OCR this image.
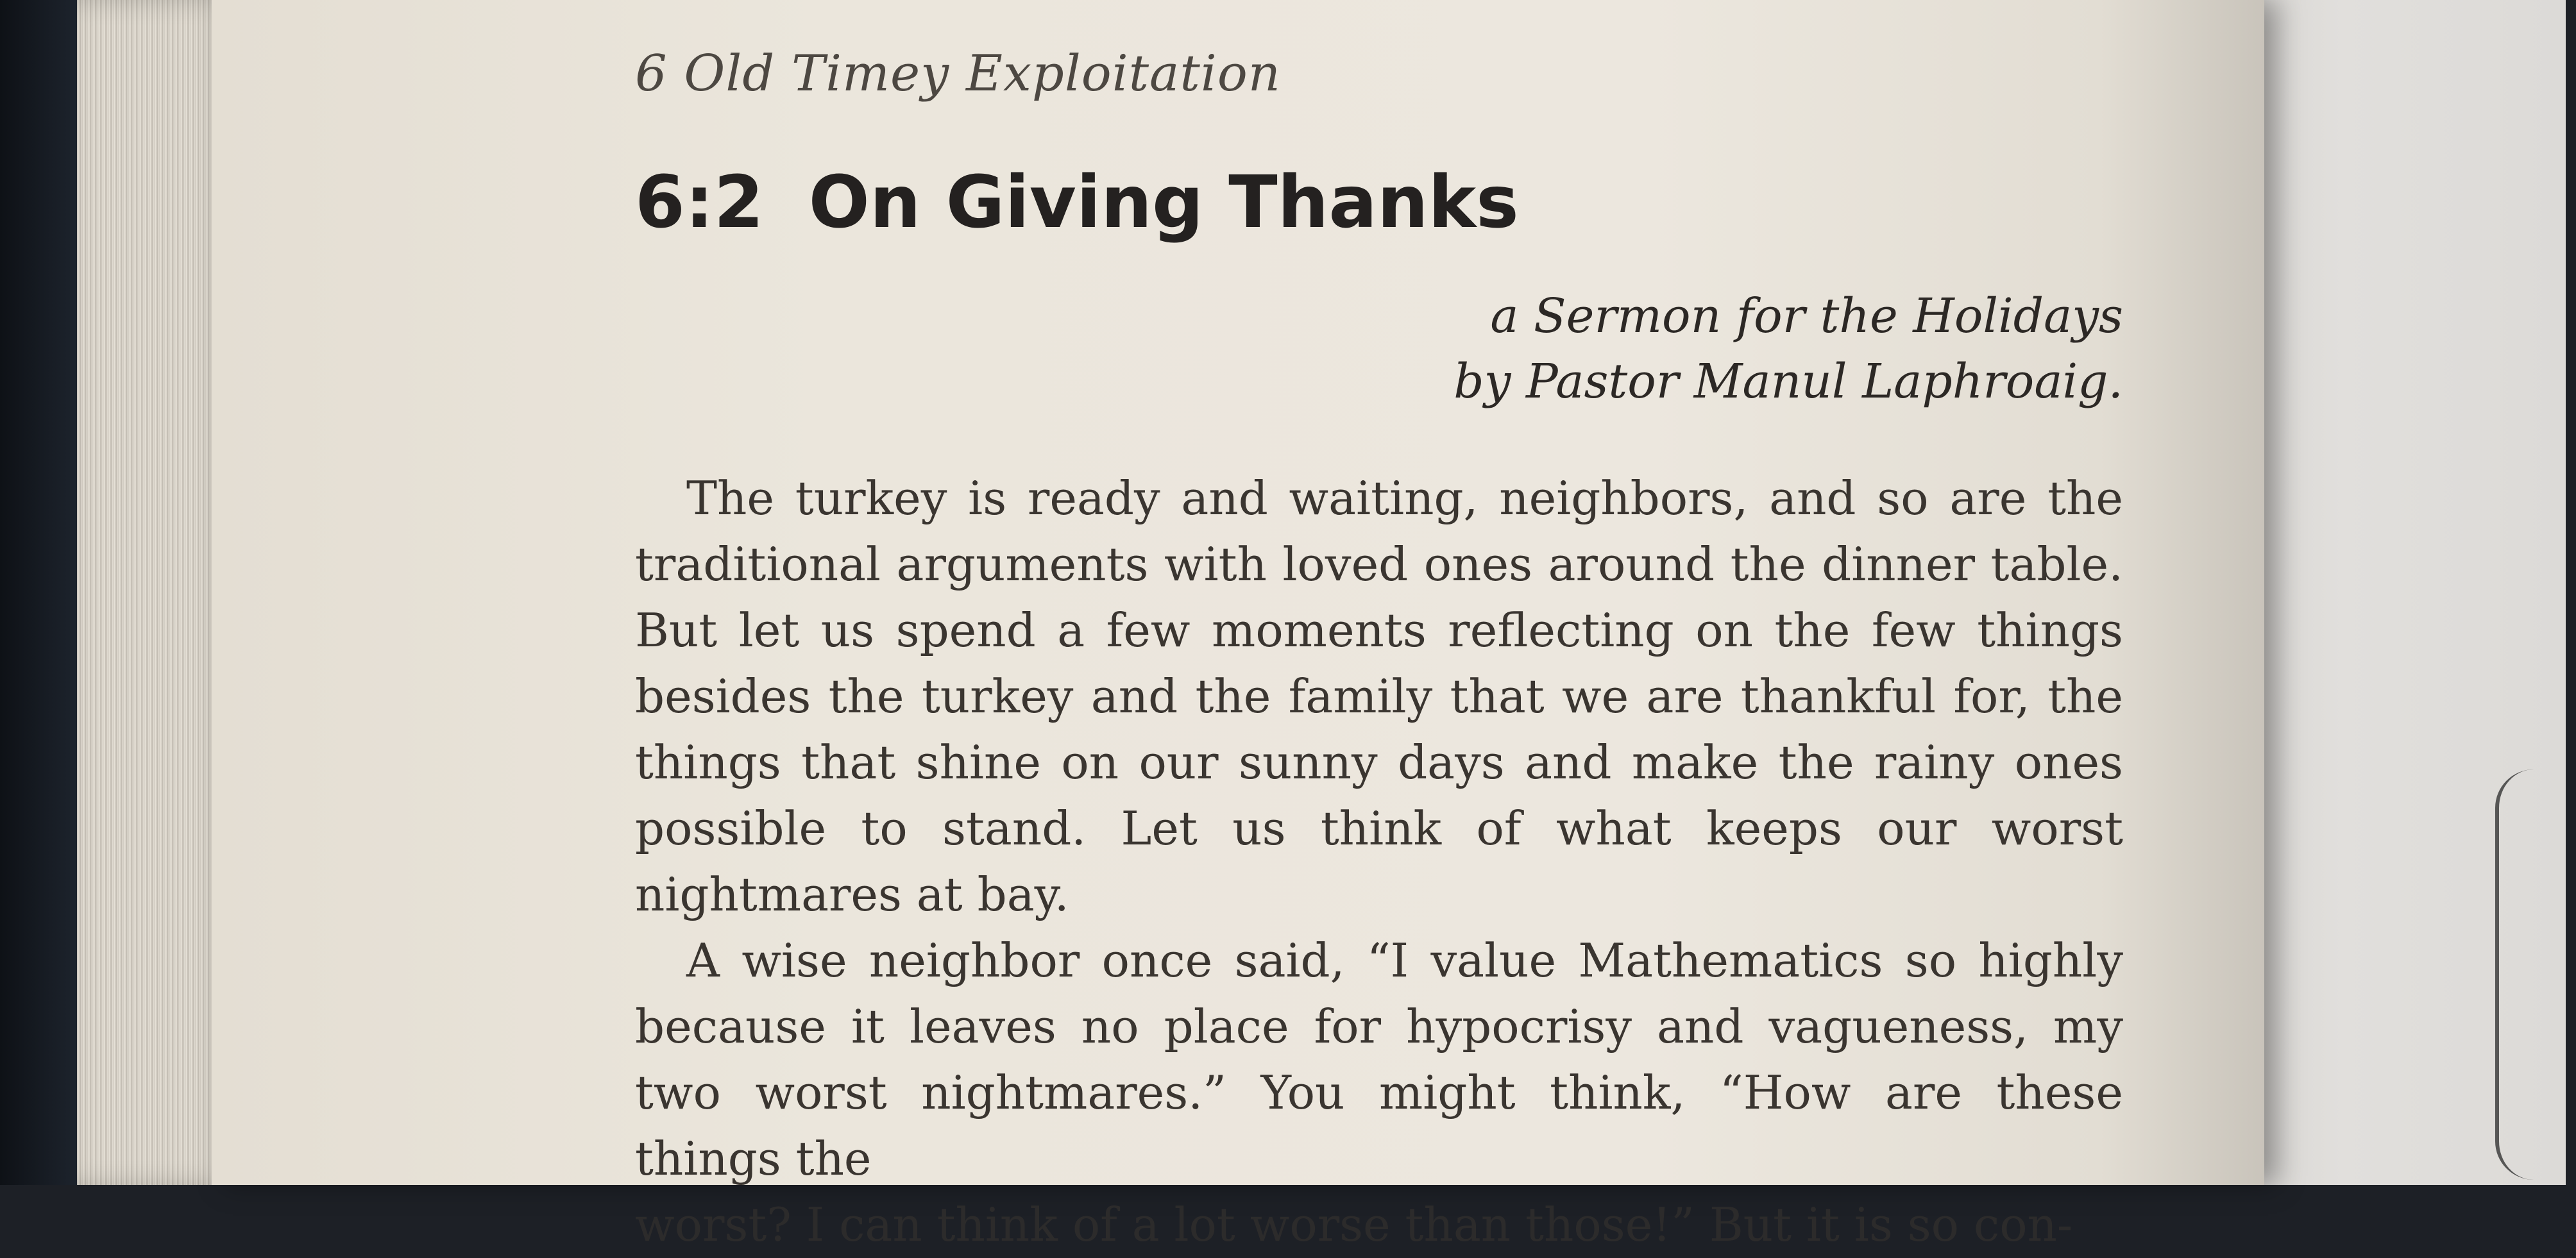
6 Old Timey Exploitation

6:2 On Giving Thanks
a Sermon for the Holidays
by Pastor Manul Laphroaig.

The turkey is ready and waiting, neighbors, and so are the traditional arguments with loved ones around the dinner table. But let us spend a few moments reflecting on the few things besides the turkey and the family that we are thankful for, the things that shine on our sunny days and make the rainy ones possible to stand. Let us think of what keeps our worst nightmares at bay.

A wise neighbor once said, “I value Mathematics so highly because it leaves no place for hypocrisy and vagueness, my two worst nightmares.” You might think, “How are these things the

worst? I can think of a lot worse than those!” But it is so con-
